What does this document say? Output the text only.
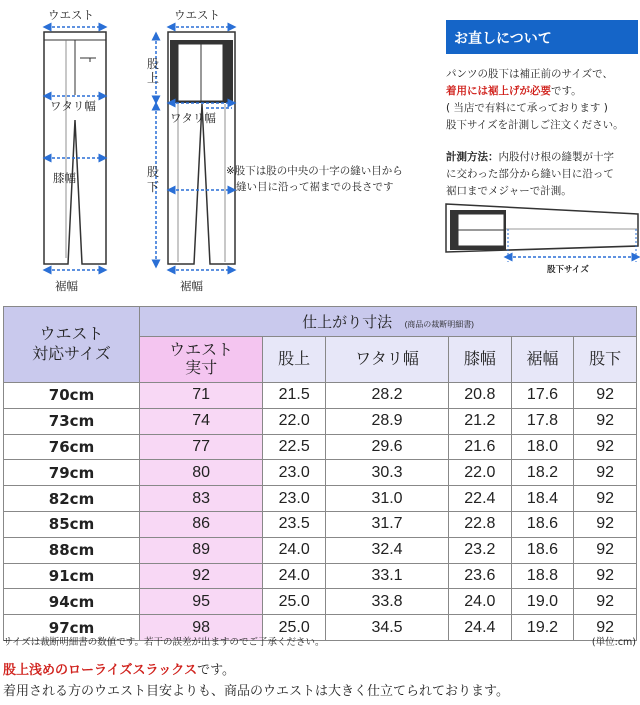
ウエスト
ワタリ幅
膝幅
裾幅
ウエスト
股
上
股
下
ワタリ幅
裾幅
股下サイズ
※股下は股の中央の十字の縫い目から
縫い目に沿って裾までの長さです
お直しについて
パンツの股下は補正前のサイズで、
着用には裾上げが必要です。
( 当店で有料にて承っております )
股下サイズを計測しご注文ください。
計測方法：内股付け根の縫製が十字
に交わった部分から縫い目に沿って
裾口までメジャーで計測。
ウエスト
対応サイズ	仕上がり寸法 (商品の裁断明細書)					
	ウエスト
実寸	股上	ワタリ幅	膝幅	裾幅	股下
70cm	71	21.5	28.2	20.8	17.6	92
73cm	74	22.0	28.9	21.2	17.8	92
76cm	77	22.5	29.6	21.6	18.0	92
79cm	80	23.0	30.3	22.0	18.2	92
82cm	83	23.0	31.0	22.4	18.4	92
85cm	86	23.5	31.7	22.8	18.6	92
88cm	89	24.0	32.4	23.2	18.6	92
91cm	92	24.0	33.1	23.6	18.8	92
94cm	95	25.0	33.8	24.0	19.0	92
97cm	98	25.0	34.5	24.4	19.2	92
サイズは裁断明細書の数値です。若干の誤差が出ますのでご了承ください。	(単位:cm)
股上浅めのローライズスラックスです。
着用される方のウエスト目安よりも、商品のウエストは大きく仕立てられております。
